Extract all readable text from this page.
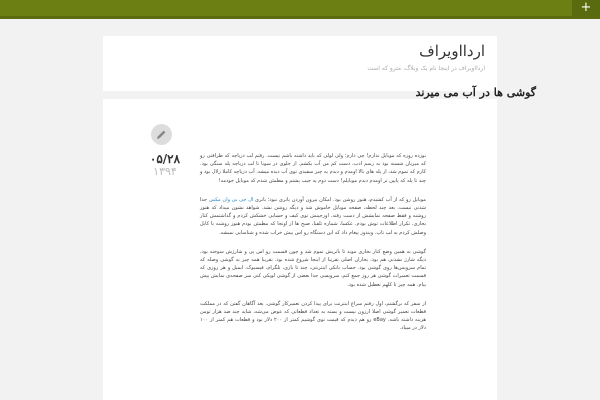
+
اردااویراف
اردااویراف در اینجا نام یک وبلاگ، مترو که است
گوشی ها در آب می میرند
۰۵/۲۸
۱۳۹۴

نوزده روزه که موبایل ندارم! چی دارم؛ ولی لولی که باید داشته باشم نیست. رفتم لب دریاچه که ظرافتی رو که میزبان شسته بود به رسم ادب، دست کم من آب بکشم. از جلوی در سونا تا لب دریاچه پله سنگی بود. کارم که تموم شد، از پله های بالا اومدم و دیدم یه چیز سفیدی توی آب دیده میشه. آب دریاچه کاملا زلال بود و چند تا پله که پایین تر اومدم دیدم موبایلم! دست دوم یه جیب پشتم و مطمئن شدم که موبایل خودمه!

موبایل رو که از آب کشیدم، هنوز روشن بود. امکان بیرون آوردن باتری نبود؛ باتری ال جی بی وان مکس جدا شدنی نیست. بعد چند لحظه، صفحه موبایل خاموش شد و دیگه روشن نشد. شواهد نشون میداد که هنوز روشنه و فقط صفحه نمایشش از دست رفته. اورجینش توی کیف و حسابی خشکش کردم و گذاشتمش کنار بخاری. تکرار اطلاعات توش بودم. عکسا، شماره تلفنا، صبح ها از اونجا که مطمئن بودم هنوز روشنه با کابل وصلش کردم به لپ تاپ. ویندوز پیغام داد که این دستگاه رو اس پیش خراب شده و شناسایی نمیشه.

گوشی به همین وضع کنار بخاری موند تا باتریش تموم شد و چون قسمت رو اس پی و شارژش سوخته بود، دیگه شارژ نشدنی هم بود. بخاران اصلی تقریبا از اینجا شروع شده بود. تقریبا همه چیز به گوشی وصله که تمام سرویس‌ها روی گوشی بود. حساب بانکی اینترنتی، چند تا بازی، تلگرام، فیسبوک، ایمیل و هر روزی که قسمت تعمیرات گوشی هر روز جمع کنم، سرویسی جدا بعضی از گوشی لوپکی کنی سر صفحه‌ی نمایش پیش بیام. همه چیز تا کلهم تعطیل شده بود.

از سفر که برگشتم، اول رفتم سراغ اینترنت برای پیدا کردن تعمیرکار گوشی. بعد آگاهان گفتن که در مملکت قطعات تعمیر گوشی اصلا ارزون نیست و بسته به تعداد قطعاتی که عوض می‌شه، شاید چند صد هزار تومن هزینه داشته باشه. eBay رو هم دیدم که قیمت نوی گوشیم کمتر از ۲۰۰ دلار بود و قطعات هم کمتر از ۱۰۰ دلار در مییاد.
